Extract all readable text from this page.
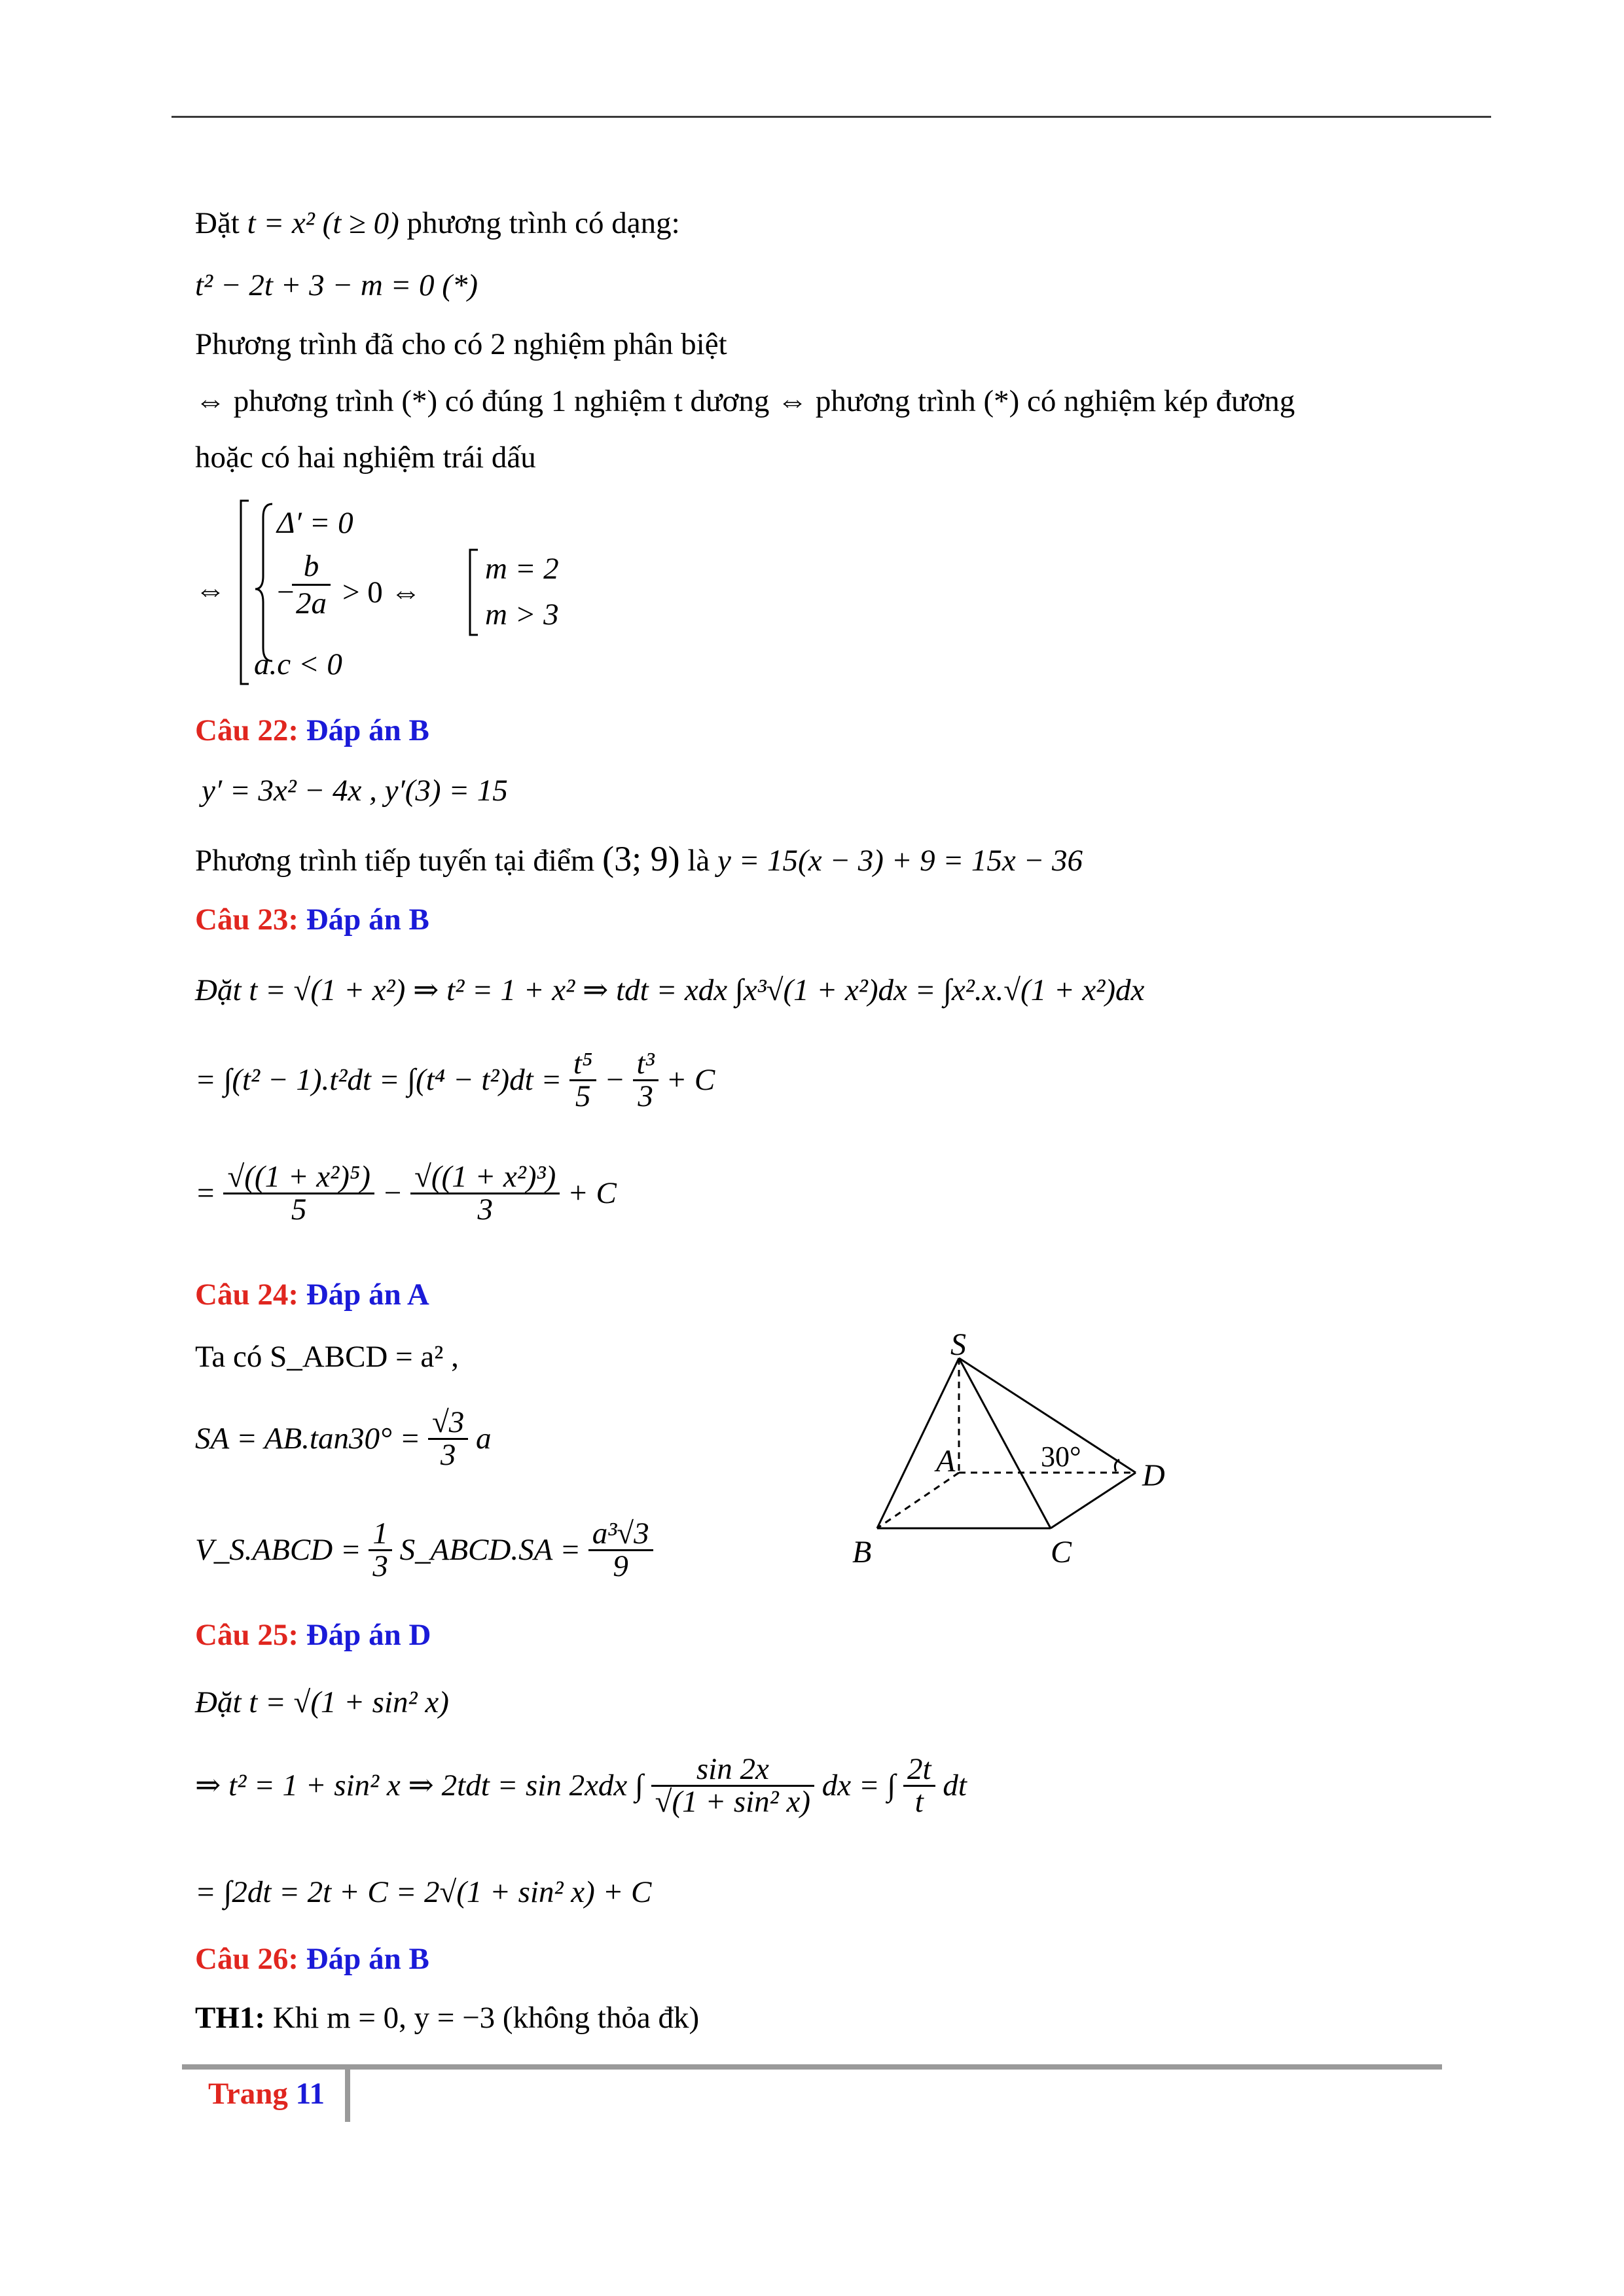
Đặt t = x² (t ≥ 0) phương trình có dạng:
t² − 2t + 3 − m = 0 (*)
Phương trình đã cho có 2 nghiệm phân biệt
⇔ phương trình (*) có đúng 1 nghiệm t dương ⇔ phương trình (*) có nghiệm kép đương
hoặc có hai nghiệm trái dấu
⇔
Δ′ = 0
−
$\frac{b}{2a} > 0$ ⇔
a.c < 0
m = 2
m > 3
Câu 22: Đáp án B
y′ = 3x² − 4x , y′(3) = 15
Phương trình tiếp tuyến tại điểm (3; 9) là y = 15(x − 3) + 9 = 15x − 36
Câu 23: Đáp án B
Đặt t = √(1 + x²) ⇒ t² = 1 + x² ⇒ tdt = xdx ∫x³√(1 + x²)dx = ∫x².x.√(1 + x²)dx
= $\int(t^2 - 1).t^2dt = \int(t^4 - t^2)dt = \frac{\text{t⁵}}{5} - \frac{\text{t³}}{3} + C$
= $\frac{\text{√((1 + x²)⁵)}}{5} - \frac{\text{√((1 + x²)³)}}{3} + C$
Câu 24: Đáp án A
Ta có S_ABCD = a² ,
SA = $AB.\tan 30^\circ = \frac{√3}{3}$ a
V_S.ABCD = $\frac{1}{3}$ S_ABCD.SA = $\frac{\text{a³√3}}{9}$
S
A
B	C
D
30°
Câu 25: Đáp án D
Đặt t = √(1 + sin² x)
⇒ t² = 1 + sin² x ⇒ 2tdt = sin 2xdx ∫ $\frac{\sin 2x}{\text{√(1 + sin² x)}}$ dx = ∫ $\frac{2t}{t}$ dt
= ∫2dt = 2t + C = 2√(1 + sin² x) + C
Câu 26: Đáp án B
TH1: Khi m = 0, y = −3 (không thỏa đk)
Trang 11
